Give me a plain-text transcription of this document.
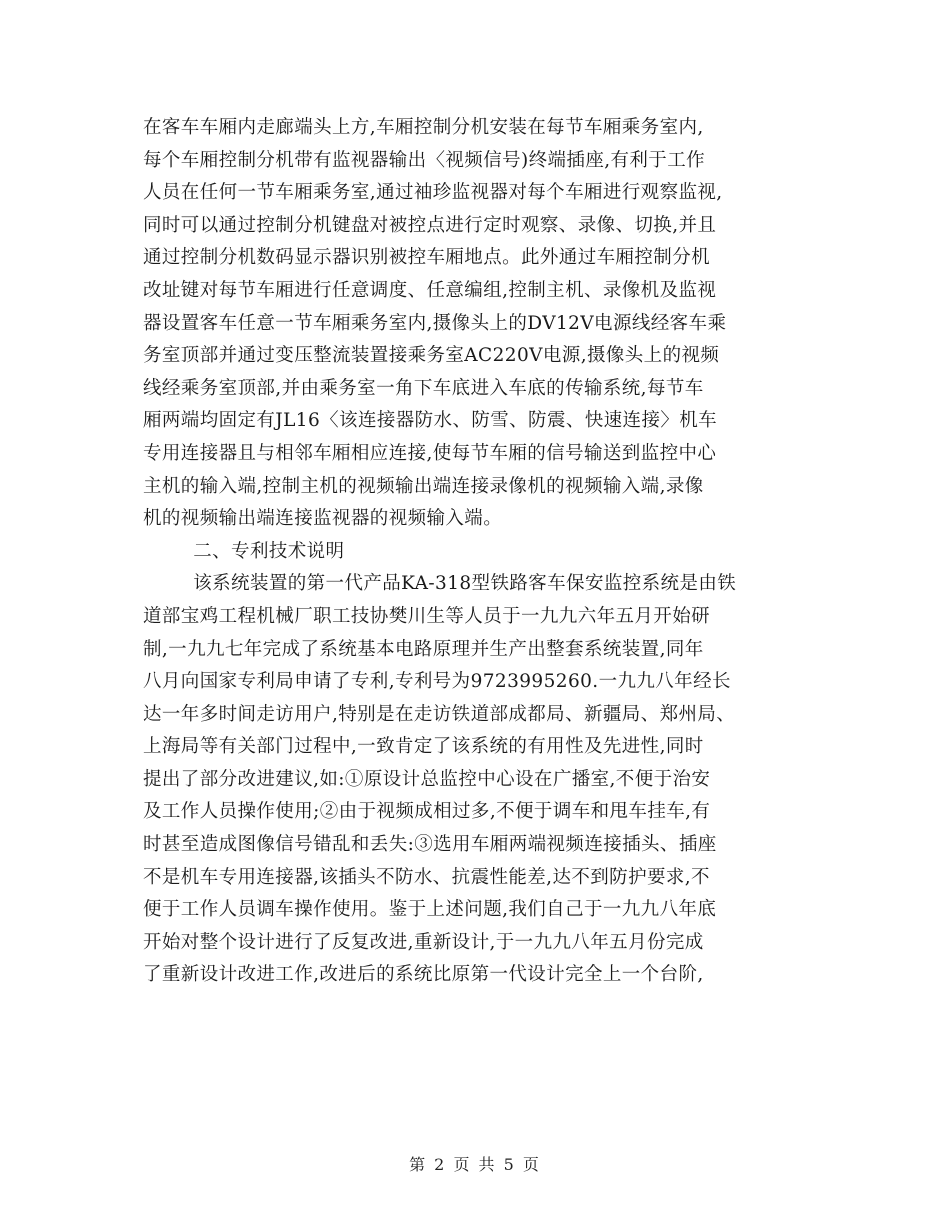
在客车车厢内走廊端头上方,车厢控制分机安装在每节车厢乘务室内,
每个车厢控制分机带有监视器输出〈视频信号)终端插座,有利于工作
人员在任何一节车厢乘务室,通过袖珍监视器对每个车厢进行观察监视,
同时可以通过控制分机键盘对被控点进行定时观察、录像、切换,并且
通过控制分机数码显示器识别被控车厢地点。此外通过车厢控制分机
改址键对每节车厢进行任意调度、任意编组,控制主机、录像机及监视
器设置客车任意一节车厢乘务室内,摄像头上的DV12V电源线经客车乘
务室顶部并通过变压整流装置接乘务室AC220V电源,摄像头上的视频
线经乘务室顶部,并由乘务室一角下车底进入车底的传输系统,每节车
厢两端均固定有JL16〈该连接器防水、防雪、防震、快速连接〉机车
专用连接器且与相邻车厢相应连接,使每节车厢的信号输送到监控中心
主机的输入端,控制主机的视频输出端连接录像机的视频输入端,录像
机的视频输出端连接监视器的视频输入端。
二、专利技术说明
该系统装置的第一代产品KA-318型铁路客车保安监控系统是由铁
道部宝鸡工程机械厂职工技协樊川生等人员于一九九六年五月开始研
制,一九九七年完成了系统基本电路原理并生产出整套系统装置,同年
八月向国家专利局申请了专利,专利号为9723995260.一九九八年经长
达一年多时间走访用户,特别是在走访铁道部成都局、新疆局、郑州局、
上海局等有关部门过程中,一致肯定了该系统的有用性及先进性,同时
提出了部分改进建议,如:①原设计总监控中心设在广播室,不便于治安
及工作人员操作使用;②由于视频成相过多,不便于调车和甩车挂车,有
时甚至造成图像信号错乱和丢失:③选用车厢两端视频连接插头、插座
不是机车专用连接器,该插头不防水、抗震性能差,达不到防护要求,不
便于工作人员调车操作使用。鉴于上述问题,我们自己于一九九八年底
开始对整个设计进行了反复改进,重新设计,于一九九八年五月份完成
了重新设计改进工作,改进后的系统比原第一代设计完全上一个台阶,
第 2 页 共 5 页
